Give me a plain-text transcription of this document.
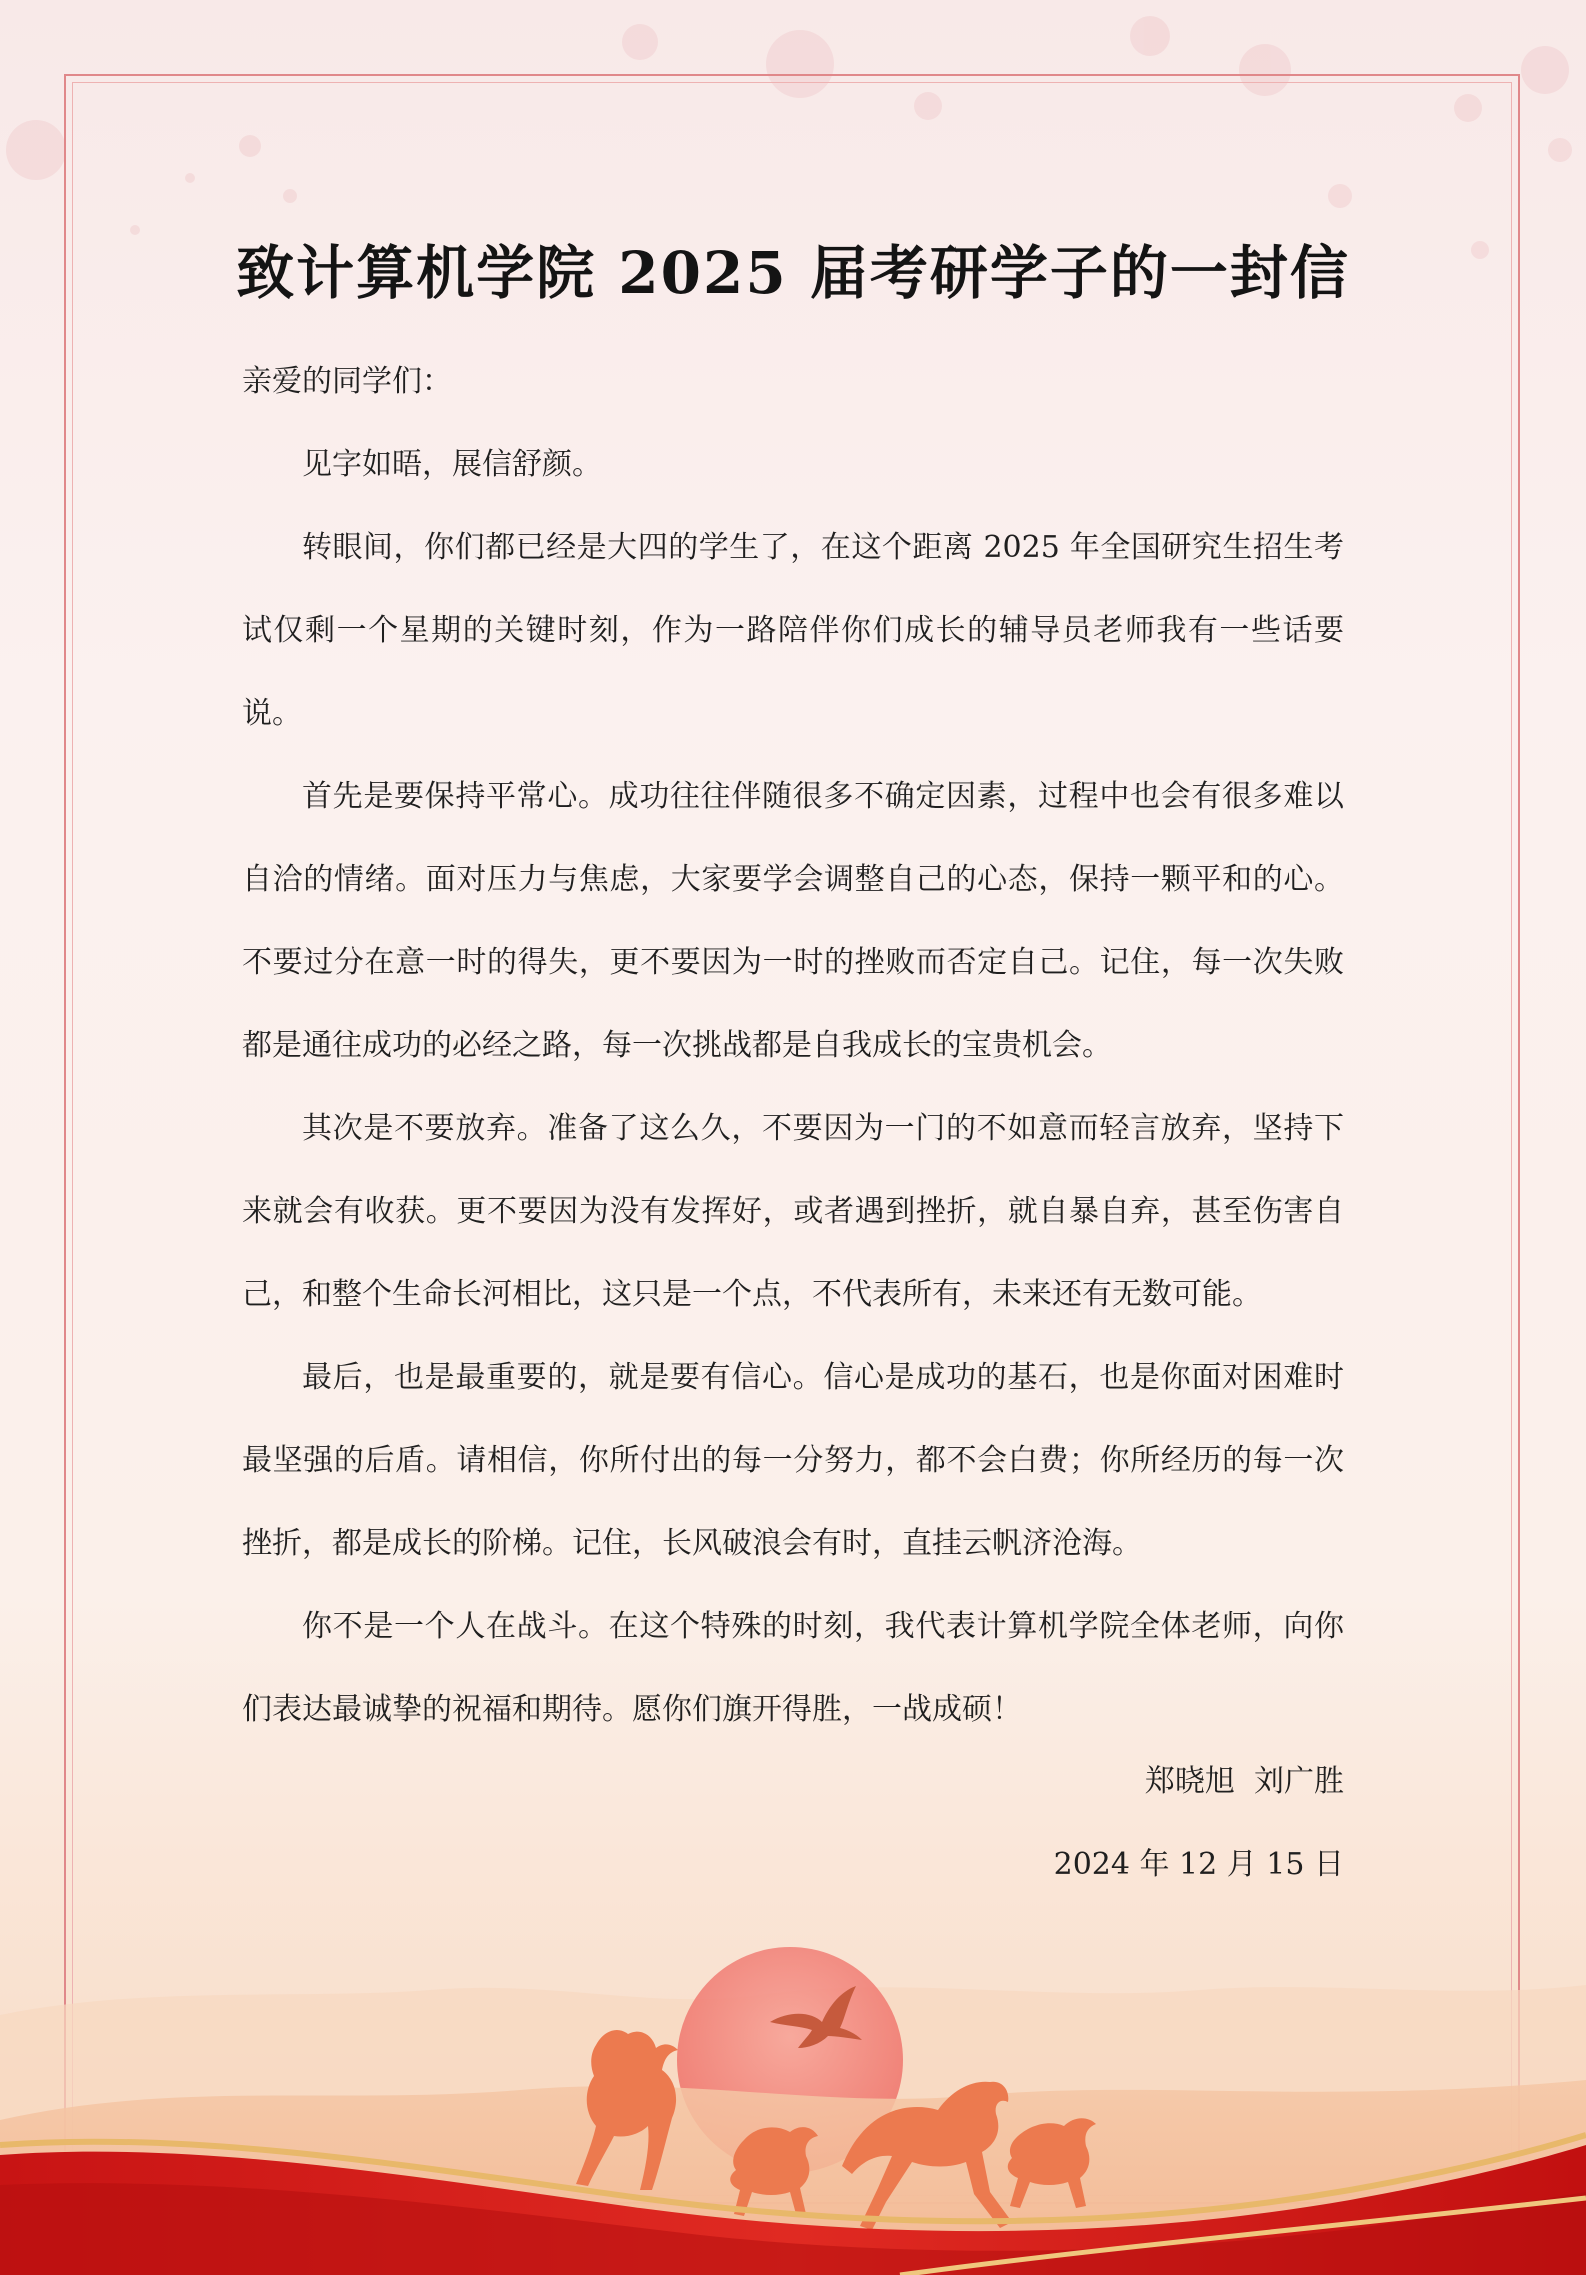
致计算机学院 2025 届考研学子的一封信

亲爱的同学们：

见字如晤，展信舒颜。

转眼间，你们都已经是大四的学生了，在这个距离 2025 年全国研究生招生考试仅剩一个星期的关键时刻，作为一路陪伴你们成长的辅导员老师我有一些话要说。

首先是要保持平常心。成功往往伴随很多不确定因素，过程中也会有很多难以自洽的情绪。面对压力与焦虑，大家要学会调整自己的心态，保持一颗平和的心。不要过分在意一时的得失，更不要因为一时的挫败而否定自己。记住，每一次失败都是通往成功的必经之路，每一次挑战都是自我成长的宝贵机会。

其次是不要放弃。准备了这么久，不要因为一门的不如意而轻言放弃，坚持下来就会有收获。更不要因为没有发挥好，或者遇到挫折，就自暴自弃，甚至伤害自己，和整个生命长河相比，这只是一个点，不代表所有，未来还有无数可能。

最后，也是最重要的，就是要有信心。信心是成功的基石，也是你面对困难时最坚强的后盾。请相信，你所付出的每一分努力，都不会白费；你所经历的每一次挫折，都是成长的阶梯。记住，长风破浪会有时，直挂云帆济沧海。

你不是一个人在战斗。在这个特殊的时刻，我代表计算机学院全体老师，向你们表达最诚挚的祝福和期待。愿你们旗开得胜，一战成硕！

郑晓旭  刘广胜
2024 年 12 月 15 日
